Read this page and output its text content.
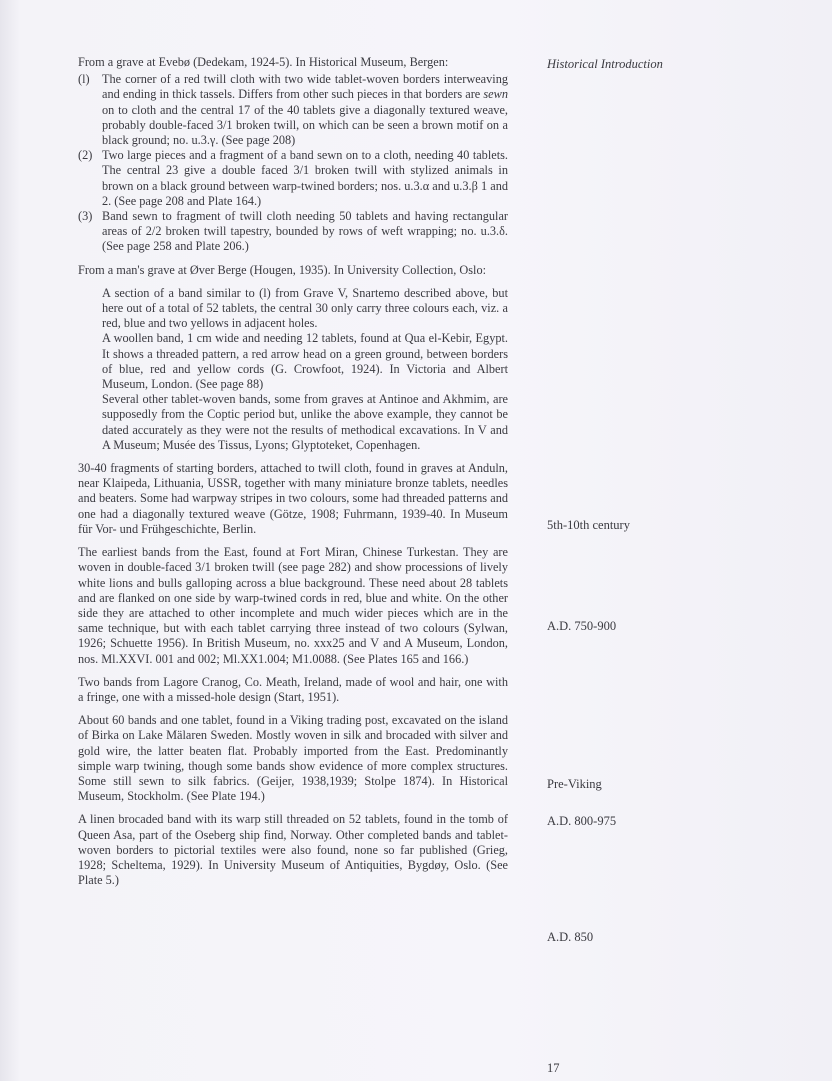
Historical Introduction

From a grave at Evebø (Dedekam, 1924-5). In Historical Museum, Bergen:

(l)	The corner of a red twill cloth with two wide tablet-woven borders interweaving and ending in thick tassels. Differs from other such pieces in that borders are sewn on to cloth and the central 17 of the 40 tablets give a diagonally textured weave, probably double-faced 3/1 broken twill, on which can be seen a brown motif on a black ground; no. u.3.γ. (See page 208)
(2) Two large pieces and a fragment of a band sewn on to a cloth, needing 40 tablets. The central 23 give a double faced 3/1 broken twill with stylized animals in brown on a black ground between warp-twined borders; nos. u.3.α and u.3.β 1 and 2. (See page 208 and Plate 164.)
(3) Band sewn to fragment of twill cloth needing 50 tablets and having rectangular areas of 2/2 broken twill tapestry, bounded by rows of weft wrapping; no. u.3.δ. (See page 258 and Plate 206.)

From a man's grave at Øver Berge (Hougen, 1935). In University Collection, Oslo:

A section of a band similar to (l) from Grave V, Snartemo described above, but here out of a total of 52 tablets, the central 30 only carry three colours each, viz. a red, blue and two yellows in adjacent holes.

A woollen band, 1 cm wide and needing 12 tablets, found at Qua el-Kebir, Egypt. It shows a threaded pattern, a red arrow head on a green ground, between borders of blue, red and yellow cords (G. Crowfoot, 1924). In Victoria and Albert Museum, London. (See page 88)

Several other tablet-woven bands, some from graves at Antinoe and Akhmim, are supposedly from the Coptic period but, unlike the above example, they cannot be dated accurately as they were not the results of methodical excavations. In V and A Museum; Musée des Tissus, Lyons; Glyptoteket, Copenhagen.

30-40 fragments of starting borders, attached to twill cloth, found in graves at Anduln, near Klaipeda, Lithuania, USSR, together with many miniature bronze tablets, needles and beaters. Some had warpway stripes in two colours, some had threaded patterns and one had a diagonally textured weave (Götze, 1908; Fuhrmann, 1939-40. In Museum für Vor- und Frühgeschichte, Berlin.

The earliest bands from the East, found at Fort Miran, Chinese Turkestan. They are woven in double-faced 3/1 broken twill (see page 282) and show processions of lively white lions and bulls galloping across a blue background. These need about 28 tablets and are flanked on one side by warp-twined cords in red, blue and white. On the other side they are attached to other incomplete and much wider pieces which are in the same technique, but with each tablet carrying three instead of two colours (Sylwan, 1926; Schuette 1956). In British Museum, no. xxx25 and V and A Museum, London, nos. Ml.XXVI. 001 and 002; Ml.XX1.004; M1.0088. (See Plates 165 and 166.)

Two bands from Lagore Cranog, Co. Meath, Ireland, made of wool and hair, one with a fringe, one with a missed-hole design (Start, 1951).

About 60 bands and one tablet, found in a Viking trading post, excavated on the island of Birka on Lake Mälaren Sweden. Mostly woven in silk and brocaded with silver and gold wire, the latter beaten flat. Probably imported from the East. Predominantly simple warp twining, though some bands show evidence of more complex structures. Some still sewn to silk fabrics. (Geijer, 1938,1939; Stolpe 1874). In Historical Museum, Stockholm. (See Plate 194.)

A linen brocaded band with its warp still threaded on 52 tablets, found in the tomb of Queen Asa, part of the Oseberg ship find, Norway. Other completed bands and tablet-woven borders to pictorial textiles were also found, none so far published (Grieg, 1928; Scheltema, 1929). In University Museum of Antiquities, Bygdøy, Oslo. (See Plate 5.)

5th-10th century
A.D. 750-900
Pre-Viking
A.D. 800-975
A.D. 850
17
